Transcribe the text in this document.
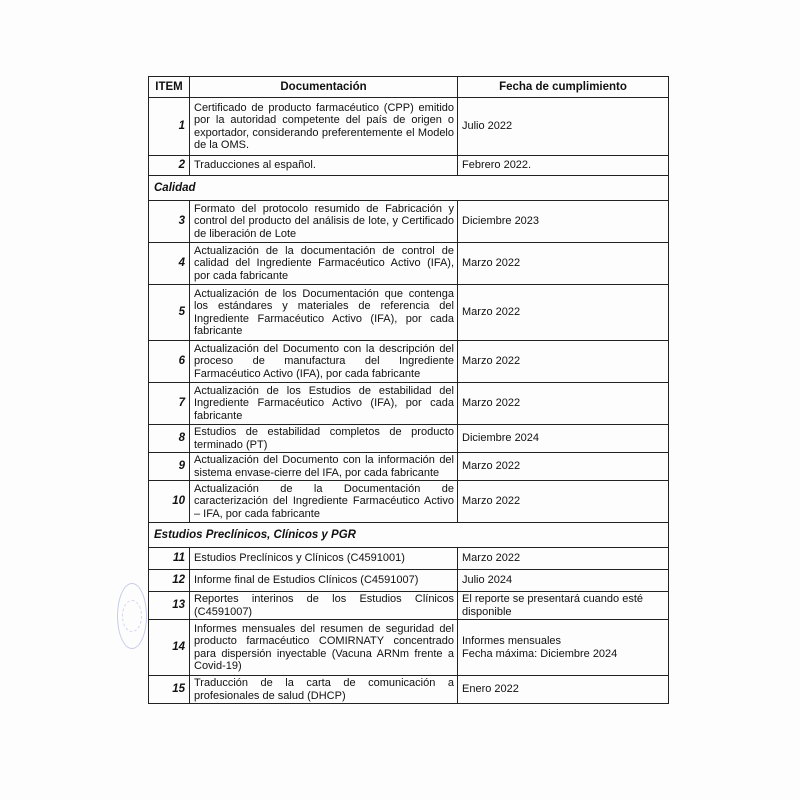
ITEM	Documentación	Fecha de cumplimiento
1	Certificado de producto farmacéutico (CPP) emitido por la autoridad competente del país de origen o exportador, considerando preferentemente el Modelo de la OMS.	Julio 2022
2	Traducciones al español.	Febrero 2022.
Calidad		
3	Formato del protocolo resumido de Fabricación y control del producto del análisis de lote, y Certificado de liberación de Lote	Diciembre 2023
4	Actualización de la documentación de control de calidad del Ingrediente Farmacéutico Activo (IFA), por cada fabricante	Marzo 2022
5	Actualización de los Documentación que contenga los estándares y materiales de referencia del Ingrediente Farmacéutico Activo (IFA), por cada fabricante	Marzo 2022
6	Actualización del Documento con la descripción del proceso de manufactura del Ingrediente Farmacéutico Activo (IFA), por cada fabricante	Marzo 2022
7	Actualización de los Estudios de estabilidad del Ingrediente Farmacéutico Activo (IFA), por cada fabricante	Marzo 2022
8	Estudios de estabilidad completos de producto terminado (PT)	Diciembre 2024
9	Actualización del Documento con la información del sistema envase-cierre del IFA, por cada fabricante	Marzo 2022
10	Actualización de la Documentación de caracterización del Ingrediente Farmacéutico Activo – IFA, por cada fabricante	Marzo 2022
Estudios Preclínicos, Clínicos y PGR		
11	Estudios Preclínicos y Clínicos (C4591001)	Marzo 2022
12	Informe final de Estudios Clínicos (C4591007)	Julio 2024
13	Reportes interinos de los Estudios Clínicos (C4591007)	El reporte se presentará cuando esté disponible
14	Informes mensuales del resumen de seguridad del producto farmacéutico COMIRNATY concentrado para dispersión inyectable (Vacuna ARNm frente a Covid-19)	Informes mensuales
Fecha máxima: Diciembre 2024

15	Traducción de la carta de comunicación a profesionales de salud (DHCP)	Enero 2022
